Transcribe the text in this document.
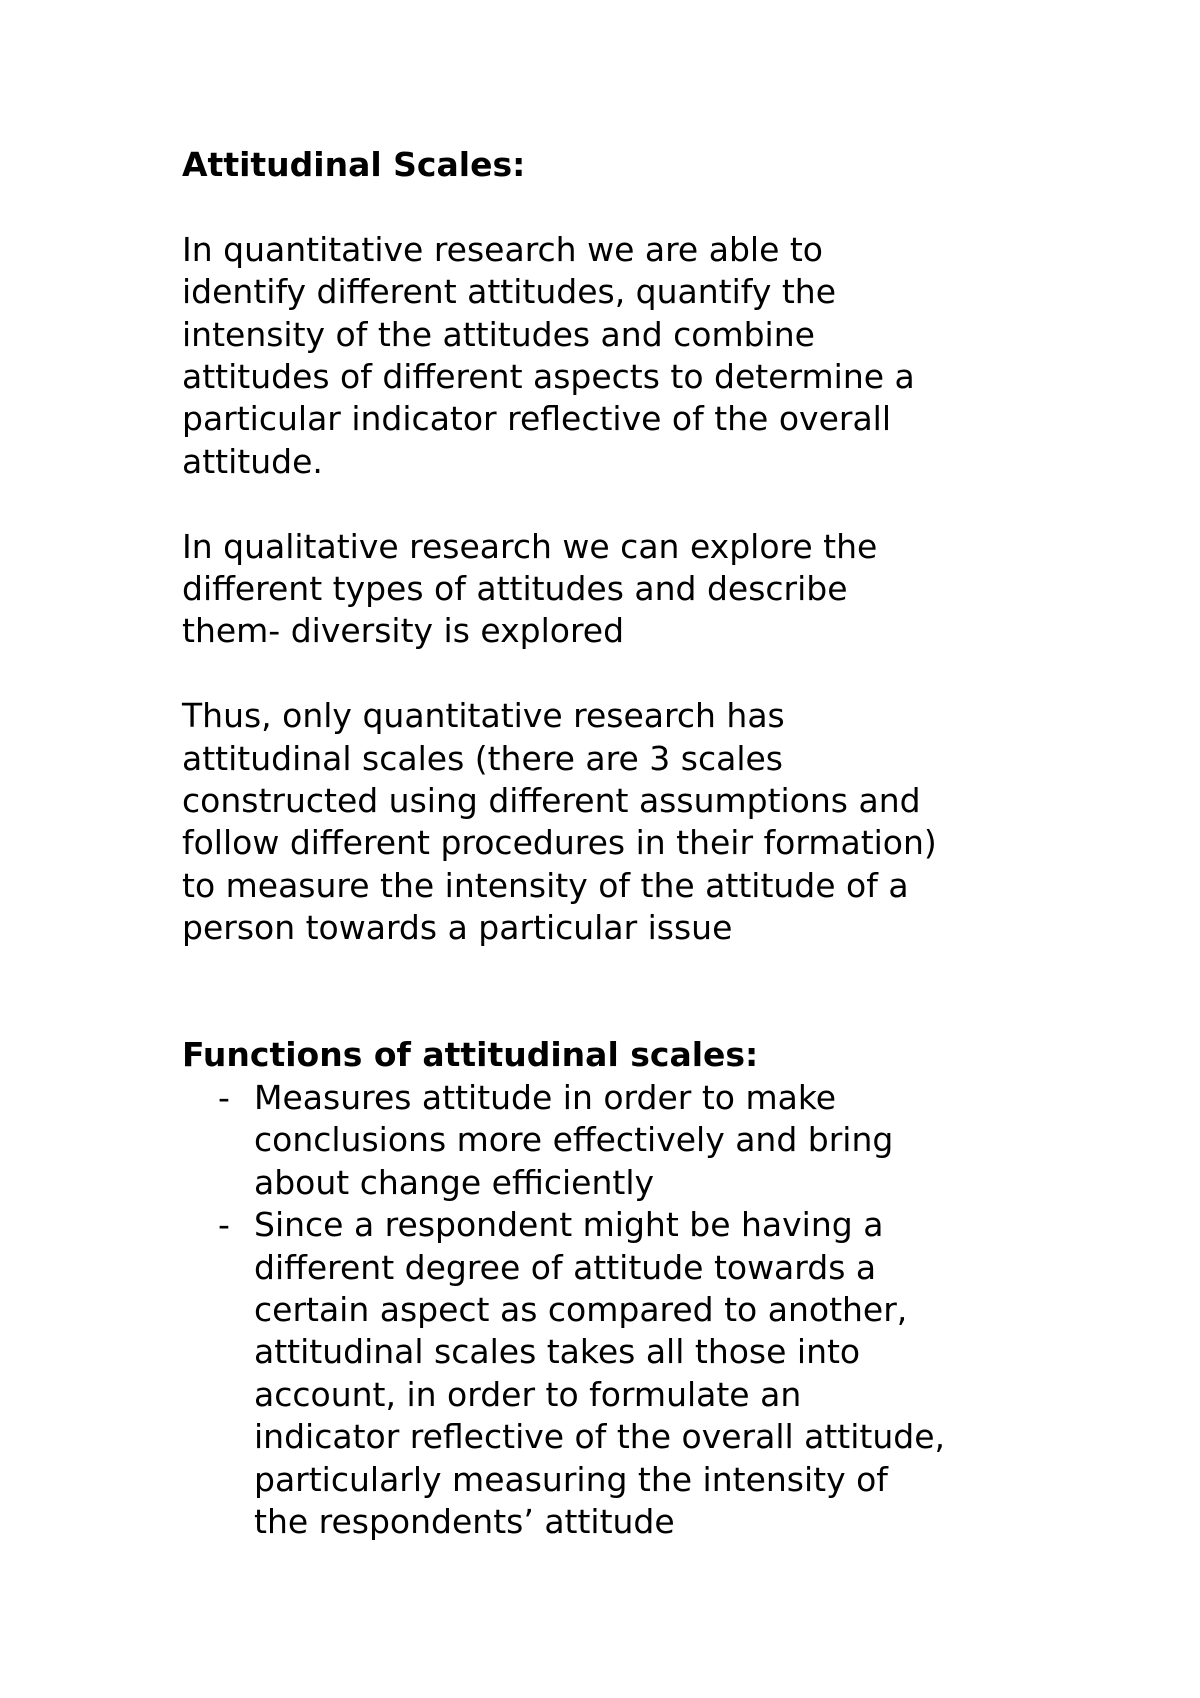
Attitudinal Scales:
In quantitative research we are able to
identify different attitudes, quantify the
intensity of the attitudes and combine
attitudes of different aspects to determine a
particular indicator reflective of the overall
attitude.
In qualitative research we can explore the
different types of attitudes and describe
them- diversity is explored
Thus, only quantitative research has
attitudinal scales (there are 3 scales
constructed using different assumptions and
follow different procedures in their formation)
to measure the intensity of the attitude of a
person towards a particular issue
Functions of attitudinal scales:
- Measures attitude in order to make
conclusions more effectively and bring
about change efficiently
- Since a respondent might be having a
different degree of attitude towards a
certain aspect as compared to another,
attitudinal scales takes all those into
account, in order to formulate an
indicator reflective of the overall attitude,
particularly measuring the intensity of
the respondents’ attitude
